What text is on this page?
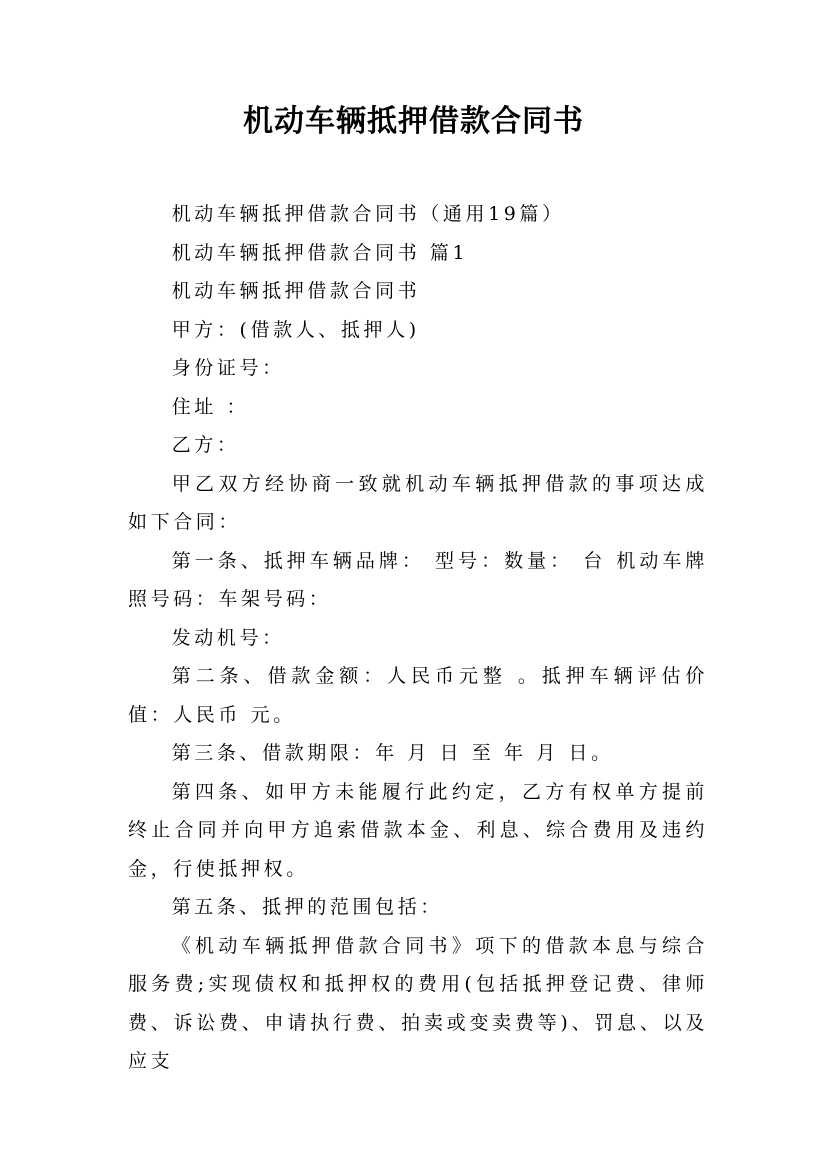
机动车辆抵押借款合同书

机动车辆抵押借款合同书（通用19篇）

机动车辆抵押借款合同书 篇1

机动车辆抵押借款合同书

甲方：(借款人、抵押人)

身份证号：

住址 ：

乙方：

甲乙双方经协商一致就机动车辆抵押借款的事项达成如下合同：

第一条、抵押车辆品牌： 型号：数量： 台 机动车牌照号码：车架号码：

发动机号：

第二条、借款金额：人民币元整 。抵押车辆评估价值：人民币 元。

第三条、借款期限：年 月 日 至 年 月 日。

第四条、如甲方未能履行此约定，乙方有权单方提前终止合同并向甲方追索借款本金、利息、综合费用及违约金，行使抵押权。

第五条、抵押的范围包括：

《机动车辆抵押借款合同书》项下的借款本息与综合服务费;实现债权和抵押权的费用(包括抵押登记费、律师费、诉讼费、申请执行费、拍卖或变卖费等)、罚息、以及应支
